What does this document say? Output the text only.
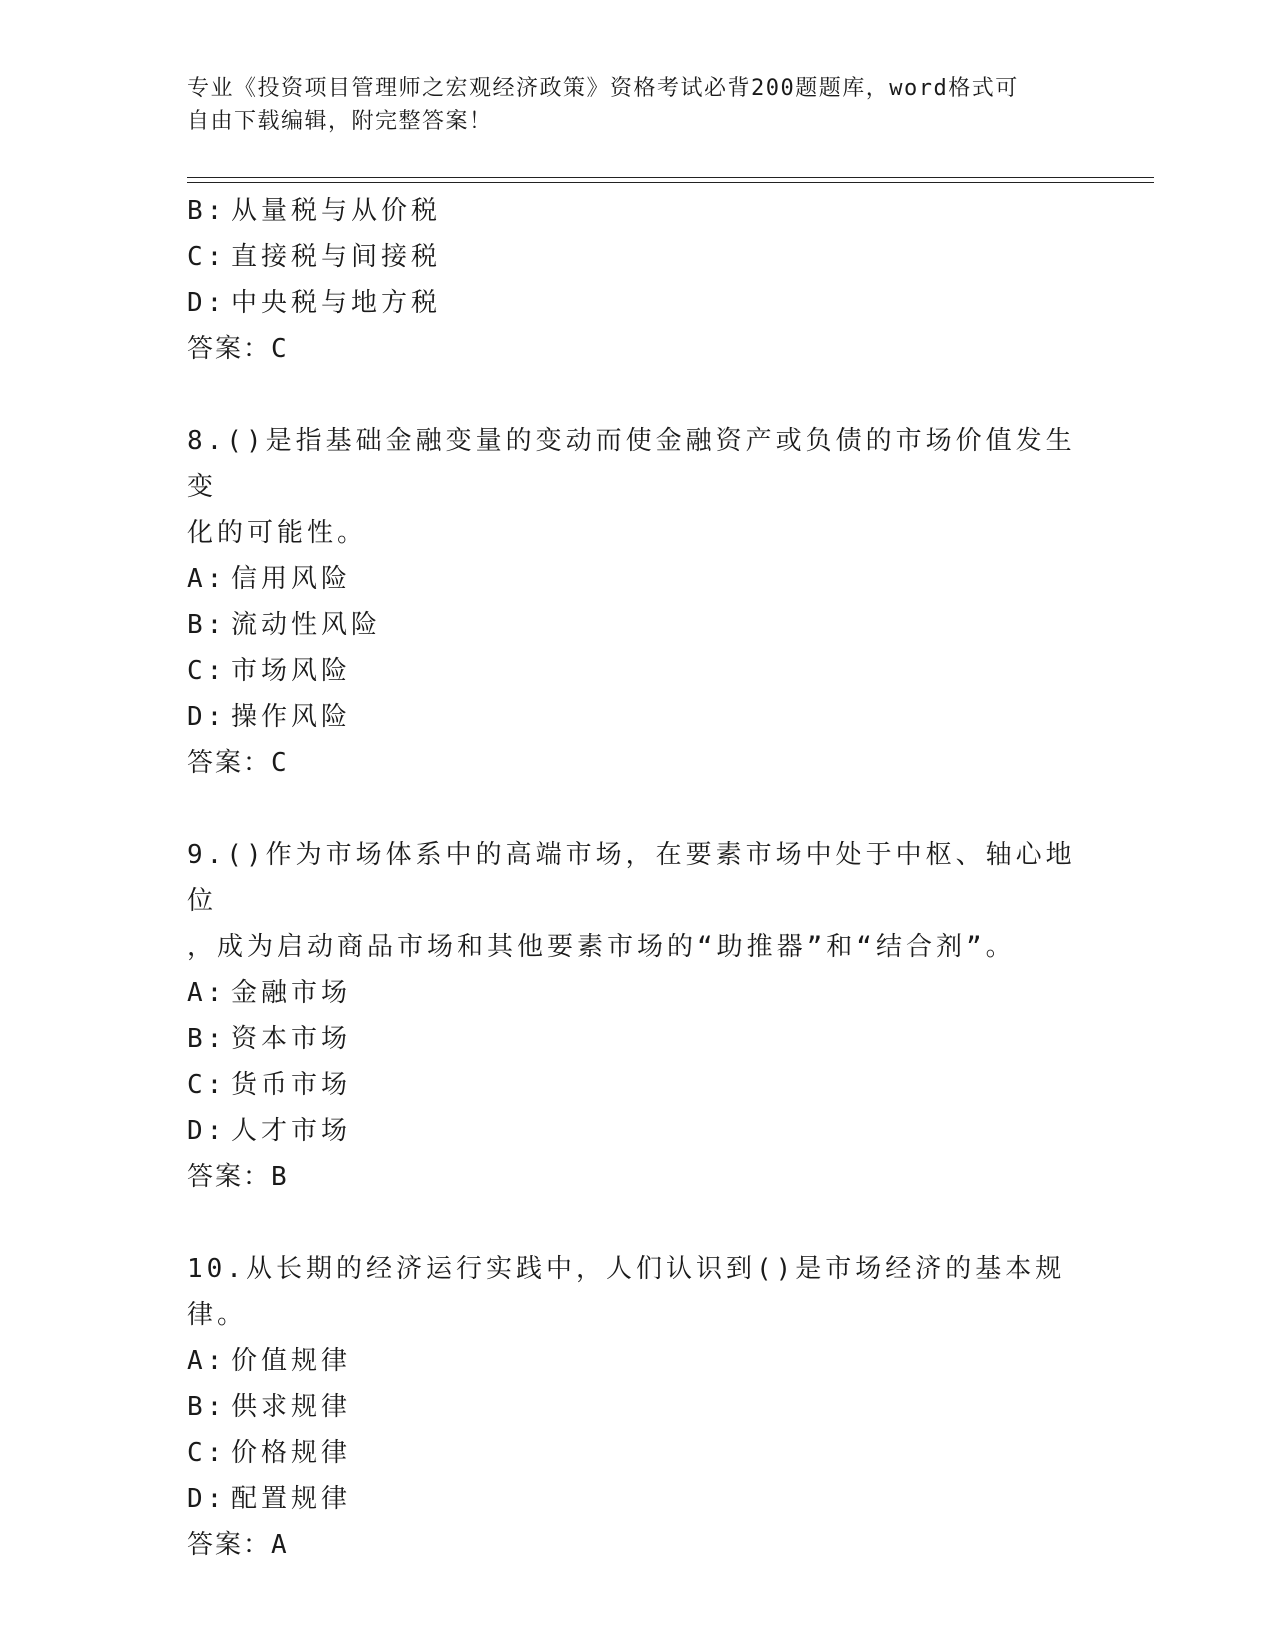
专业《投资项目管理师之宏观经济政策》资格考试必背200题题库，word格式可
自由下载编辑，附完整答案！
B: 从量税与从价税
C: 直接税与间接税
D: 中央税与地方税
答案：C
8.()是指基础金融变量的变动而使金融资产或负债的市场价值发生变
化的可能性。
A: 信用风险
B: 流动性风险
C: 市场风险
D: 操作风险
答案：C
9.()作为市场体系中的高端市场，在要素市场中处于中枢、轴心地位
，成为启动商品市场和其他要素市场的“助推器”和“结合剂”。
A: 金融市场
B: 资本市场
C: 货币市场
D: 人才市场
答案：B
10.从长期的经济运行实践中，人们认识到()是市场经济的基本规律。
A: 价值规律
B: 供求规律
C: 价格规律
D: 配置规律
答案：A
